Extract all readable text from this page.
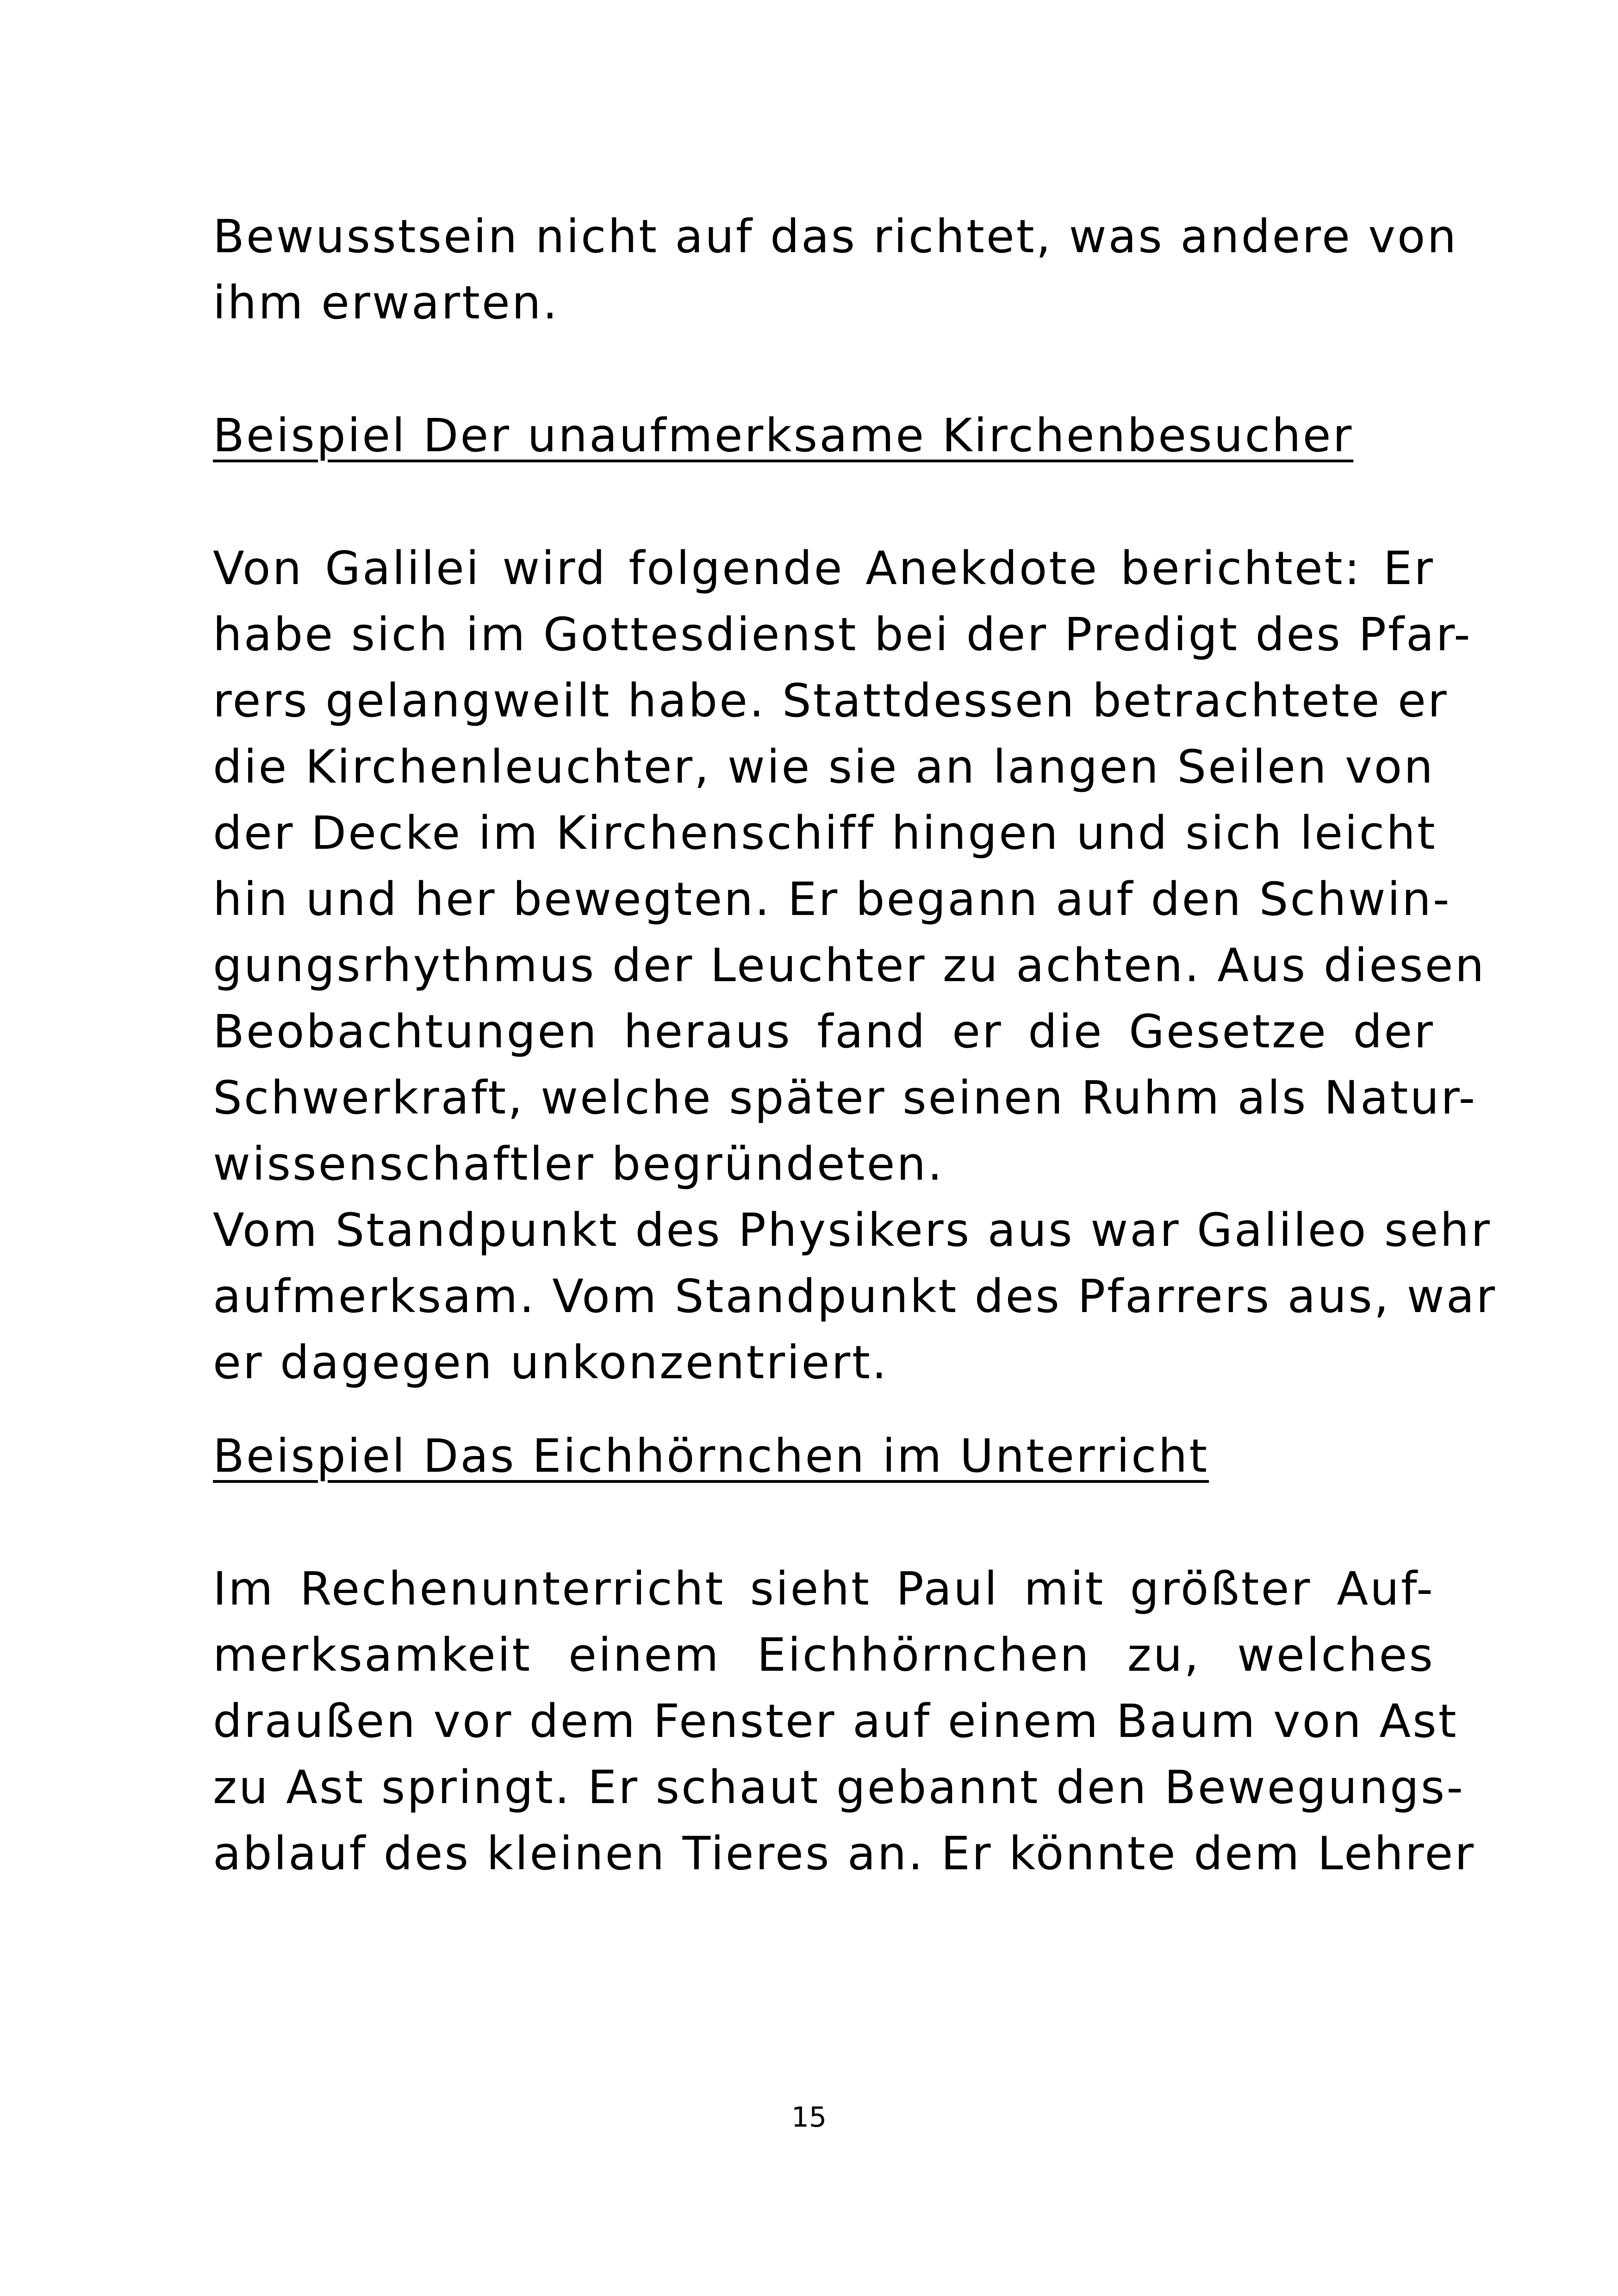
Bewusstsein nicht auf das richtet, was andere von
ihm erwarten.
Beispiel Der unaufmerksame Kirchenbesucher
Von Galilei wird folgende Anekdote berichtet: Er
habe sich im Gottesdienst bei der Predigt des Pfar-
rers gelangweilt habe. Stattdessen betrachtete er
die Kirchenleuchter, wie sie an langen Seilen von
der Decke im Kirchenschiff hingen und sich leicht
hin und her bewegten. Er begann auf den Schwin-
gungsrhythmus der Leuchter zu achten. Aus diesen
Beobachtungen heraus fand er die Gesetze der
Schwerkraft, welche später seinen Ruhm als Natur-
wissenschaftler begründeten.
Vom Standpunkt des Physikers aus war Galileo sehr
aufmerksam. Vom Standpunkt des Pfarrers aus, war
er dagegen unkonzentriert.
Beispiel Das Eichhörnchen im Unterricht
Im Rechenunterricht sieht Paul mit größter Auf-
merksamkeit einem Eichhörnchen zu, welches
draußen vor dem Fenster auf einem Baum von Ast
zu Ast springt. Er schaut gebannt den Bewegungs-
ablauf des kleinen Tieres an. Er könnte dem Lehrer
15
